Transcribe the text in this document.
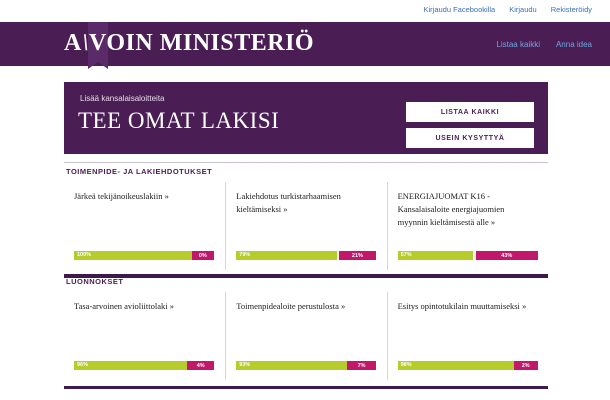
Kirjaudu Facebookilla Kirjaudu Rekisteröidy
A\VOIN MINISTERIÖ	Listaa kaikki Anna idea
Lisää kansalaisaloitteita
TEE OMAT LAKISI	LISTAA KAIKKI
USEIN KYSYTTYÄ
TOIMENPIDE- JA LAKIEHDOTUKSET
Järkeä tekijänoikeuslakiin »
100%	0%
Lakiehdotus turkistarhaamisen kieltämiseksi »
79%	21%
ENERGIAJUOMAT K16 - Kansalaisaloite energiajuomien myynnin kieltämisestä alle »
57%	43%
LUONNOKSET
Tasa-arvoinen avioliittolaki »
96%	4%
Toimenpidealoite perustulosta »
93%	7%
Esitys opintotukilain muuttamiseksi »
98%	2%
